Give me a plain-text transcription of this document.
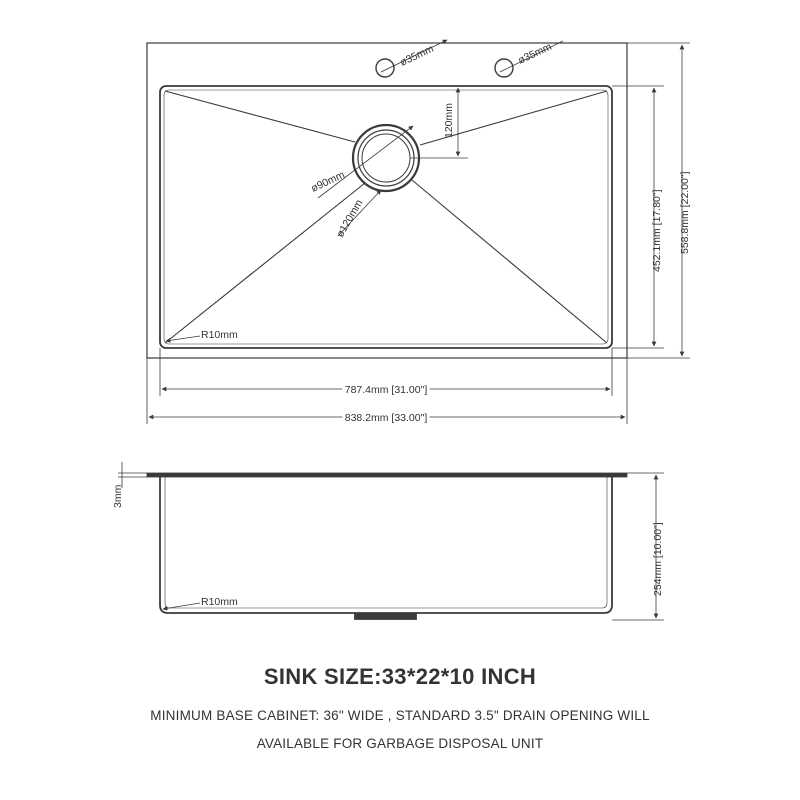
ø35mm	ø35mm
120mm
ø90mm
ø120mm
R10mm
452.1mm [17.80"] 558.8mm [22.00"]
787.4mm [31.00"]
838.2mm [33.00"]
3mm
254mm [10.00"]
R10mm
SINK SIZE:33*22*10 INCH
MINIMUM BASE CABINET: 36" WIDE , STANDARD 3.5" DRAIN OPENING WILL
AVAILABLE FOR GARBAGE DISPOSAL UNIT
